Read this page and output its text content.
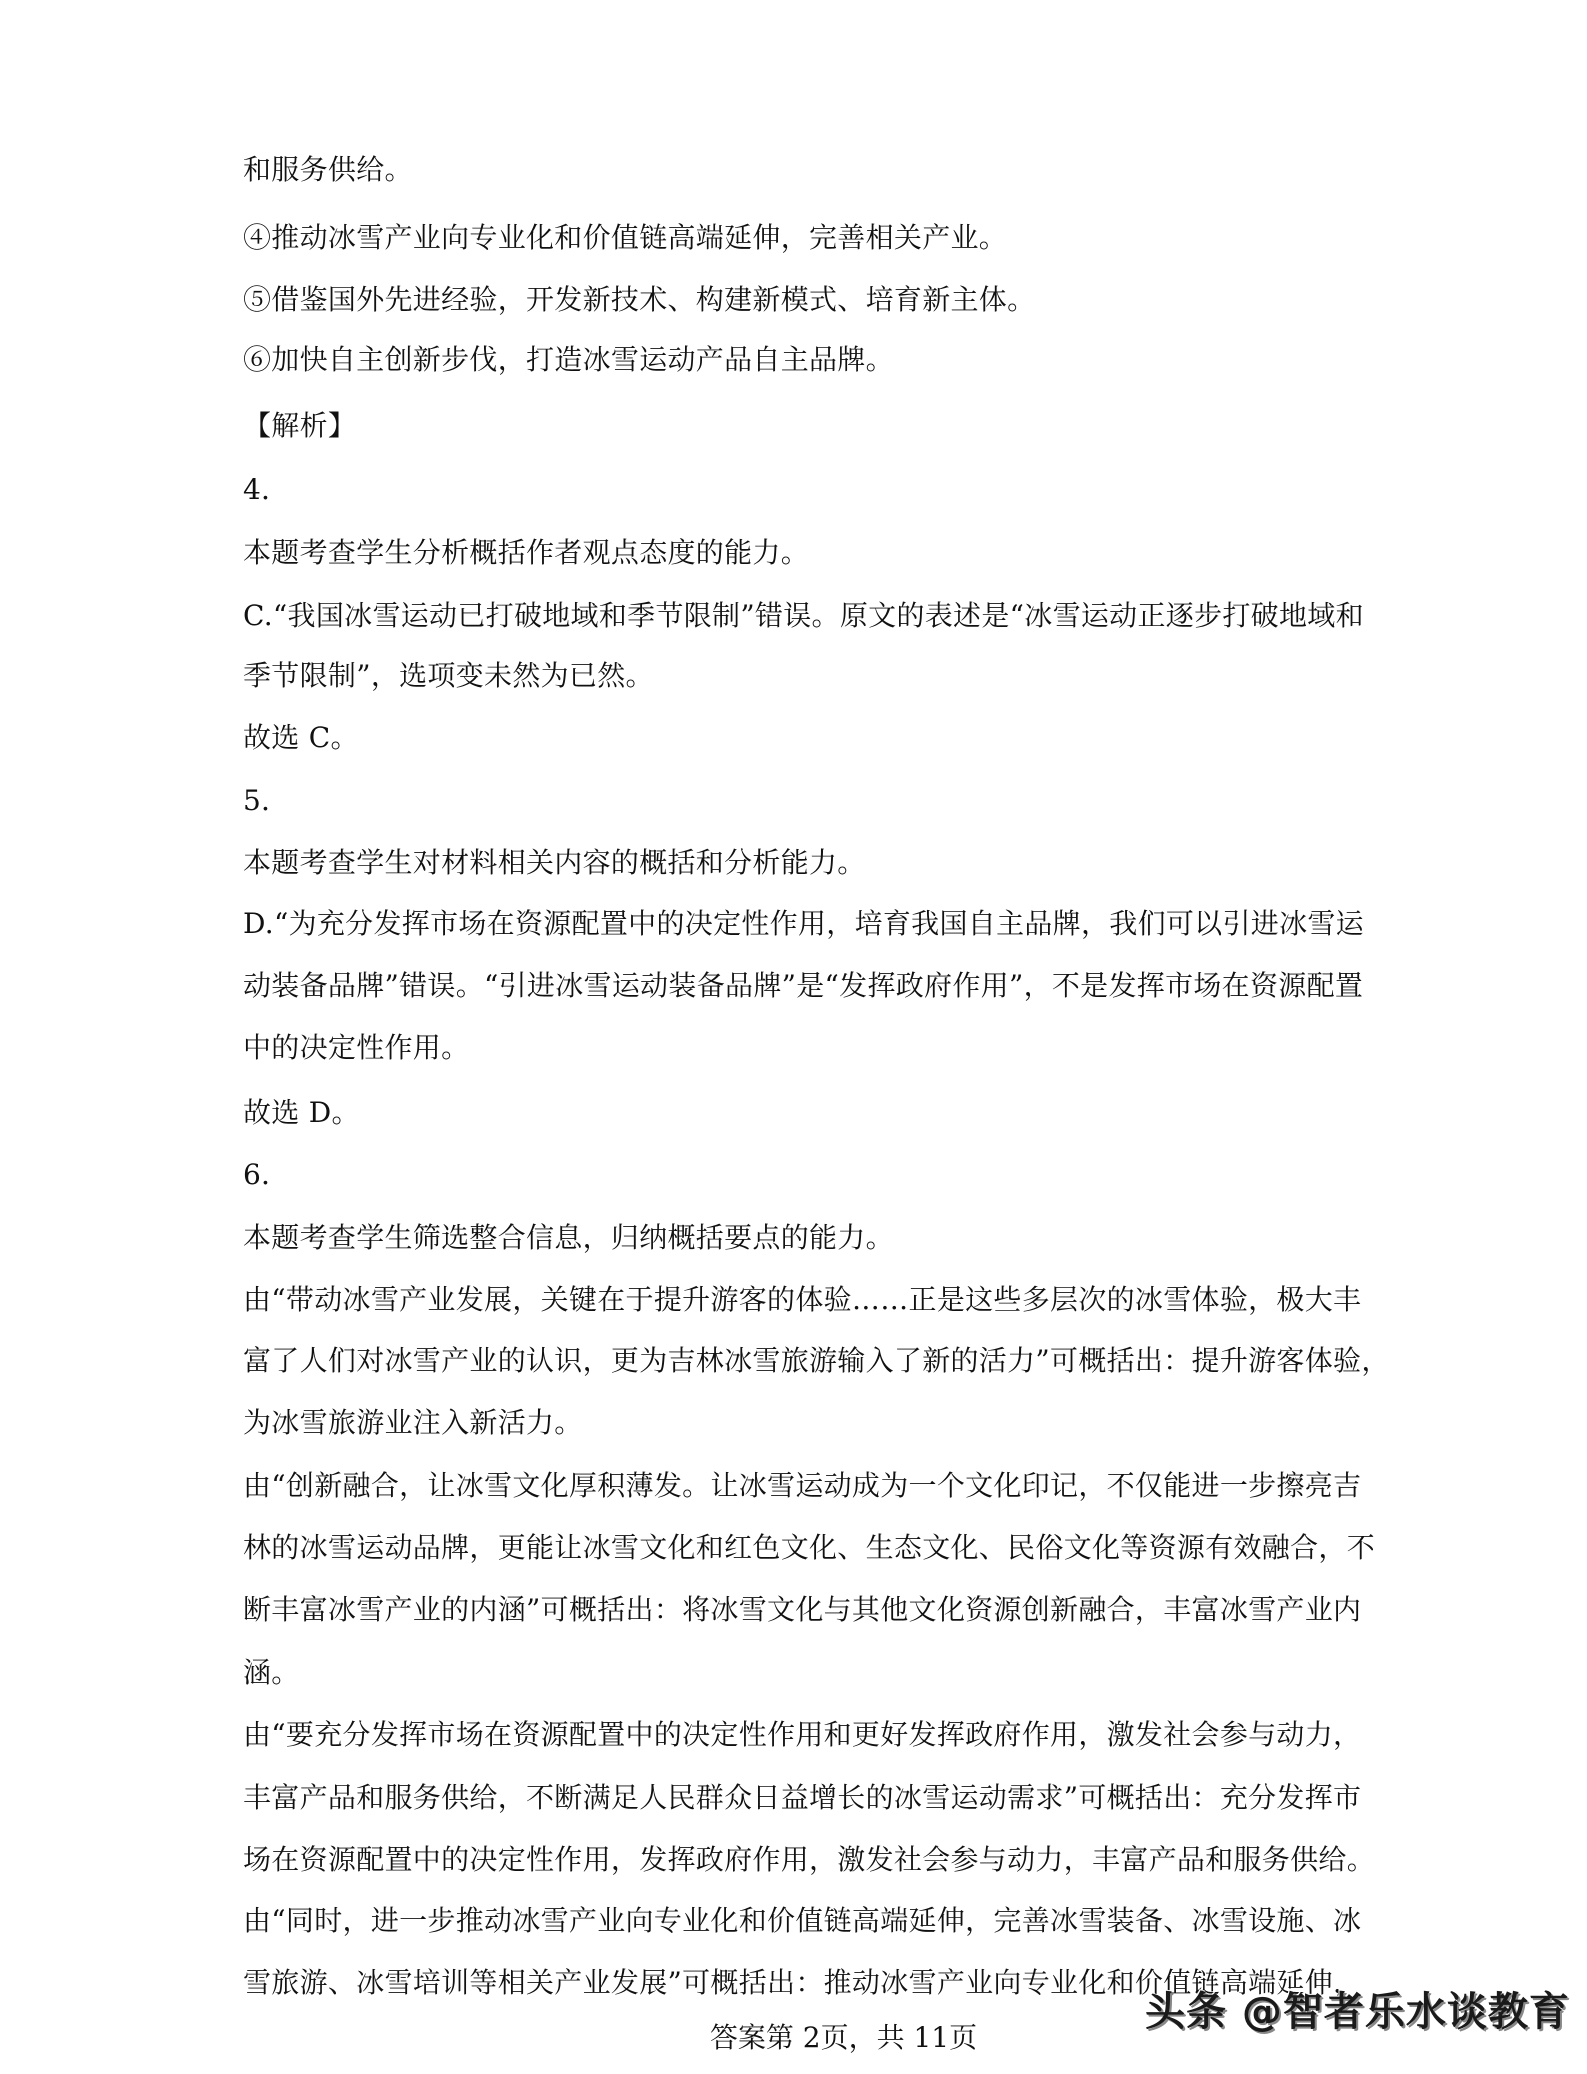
和服务供给。
④推动冰雪产业向专业化和价值链高端延伸，完善相关产业。
⑤借鉴国外先进经验，开发新技术、构建新模式、培育新主体。
⑥加快自主创新步伐，打造冰雪运动产品自主品牌。
【解析】
4．
本题考查学生分析概括作者观点态度的能力。
C.“我国冰雪运动已打破地域和季节限制”错误。原文的表述是“冰雪运动正逐步打破地域和
季节限制”，选项变未然为已然。
故选 C。
5．
本题考查学生对材料相关内容的概括和分析能力。
D.“为充分发挥市场在资源配置中的决定性作用，培育我国自主品牌，我们可以引进冰雪运
动装备品牌”错误。“引进冰雪运动装备品牌”是“发挥政府作用”，不是发挥市场在资源配置
中的决定性作用。
故选 D。
6．
本题考查学生筛选整合信息，归纳概括要点的能力。
由“带动冰雪产业发展，关键在于提升游客的体验……正是这些多层次的冰雪体验，极大丰
富了人们对冰雪产业的认识，更为吉林冰雪旅游输入了新的活力”可概括出：提升游客体验，
为冰雪旅游业注入新活力。
由“创新融合，让冰雪文化厚积薄发。让冰雪运动成为一个文化印记，不仅能进一步擦亮吉
林的冰雪运动品牌，更能让冰雪文化和红色文化、生态文化、民俗文化等资源有效融合，不
断丰富冰雪产业的内涵”可概括出：将冰雪文化与其他文化资源创新融合，丰富冰雪产业内
涵。
由“要充分发挥市场在资源配置中的决定性作用和更好发挥政府作用，激发社会参与动力，
丰富产品和服务供给，不断满足人民群众日益增长的冰雪运动需求”可概括出：充分发挥市
场在资源配置中的决定性作用，发挥政府作用，激发社会参与动力，丰富产品和服务供给。
由“同时，进一步推动冰雪产业向专业化和价值链高端延伸，完善冰雪装备、冰雪设施、冰
雪旅游、冰雪培训等相关产业发展”可概括出：推动冰雪产业向专业化和价值链高端延伸，
答案第 2页，共 11页
头条 @智者乐水谈教育
